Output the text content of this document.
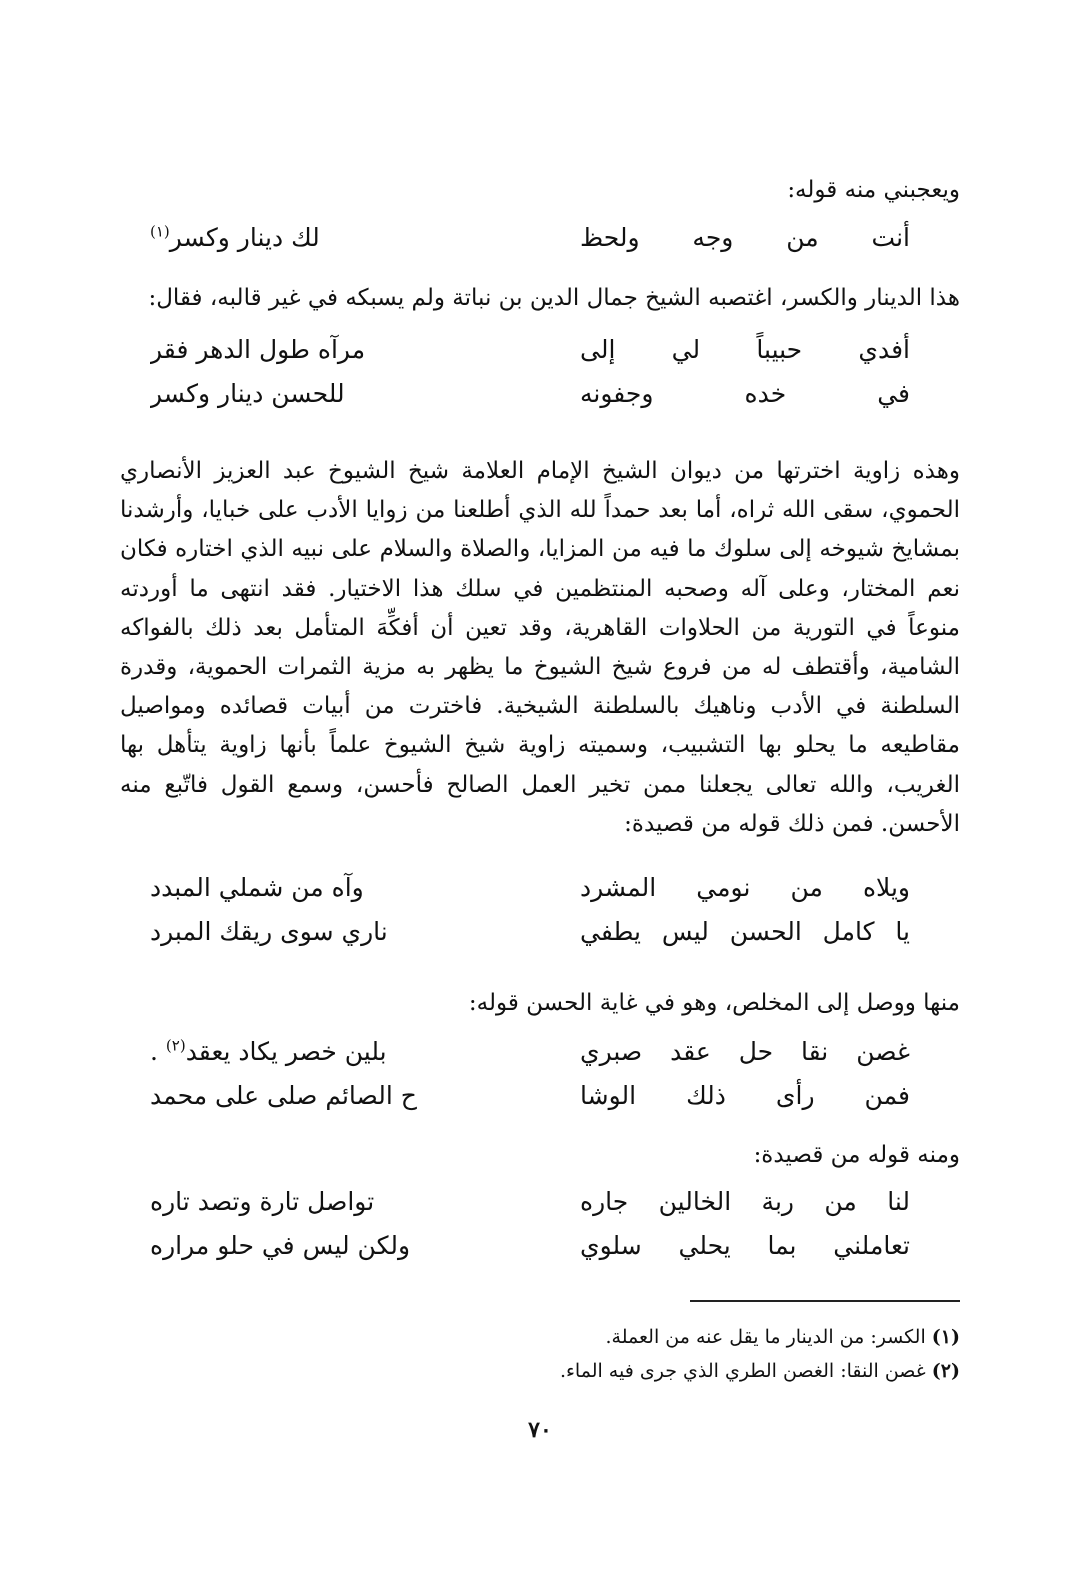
ويعجبني منه قوله:
أنت من وجه ولحظ
لك دينار وكسر$^{(١)}$
هذا الدينار والكسر، اغتصبه الشيخ جمال الدين بن نباتة ولم يسبكه في غير قالبه، فقال:
أفدي حبيباً لي إلى
مرآه طول الدهر فقر
في خده وجفونه
للحسن دينار وكسر
وهذه زاوية اخترتها من ديوان الشيخ الإمام العلامة شيخ الشيوخ عبد العزيز الأنصاري الحموي، سقى الله ثراه، أما بعد حمداً لله الذي أطلعنا من زوايا الأدب على خبايا، وأرشدنا بمشايخ شيوخه إلى سلوك ما فيه من المزايا، والصلاة والسلام على نبيه الذي اختاره فكان نعم المختار، وعلى آله وصحبه المنتظمين في سلك هذا الاختيار. فقد انتهى ما أوردته منوعاً في التورية من الحلاوات القاهرية، وقد تعين أن أفكِّهَ المتأمل بعد ذلك بالفواكه الشامية، وأقتطف له من فروع شيخ الشيوخ ما يظهر به مزية الثمرات الحموية، وقدرة السلطنة في الأدب وناهيك بالسلطنة الشيخية. فاخترت من أبيات قصائده ومواصيل مقاطيعه ما يحلو بها التشبيب، وسميته زاوية شيخ الشيوخ علماً بأنها زاوية يتأهل بها الغريب، والله تعالى يجعلنا ممن تخير العمل الصالح فأحسن، وسمع القول فاتّبع منه الأحسن. فمن ذلك قوله من قصيدة:
ويلاه من نومي المشرد
وآه من شملي المبدد
يا كامل الحسن ليس يطفي
ناري سوى ريقك المبرد
منها ووصل إلى المخلص، وهو في غاية الحسن قوله:
غصن نقا حل عقد صبري
بلين خصر يكاد يعقد$^{(٢)}$ .
فمن رأى ذلك الوشا
ح الصائم صلى على محمد
ومنه قوله من قصيدة:
لنا من ربة الخالين جاره
تواصل تارة وتصد تاره
تعاملني بما يحلي سلوي
ولكن ليس في حلو مراره
(١) الكسر: من الدينار ما يقل عنه من العملة.
(٢) غصن النقا: الغصن الطري الذي جرى فيه الماء.
٧٠
